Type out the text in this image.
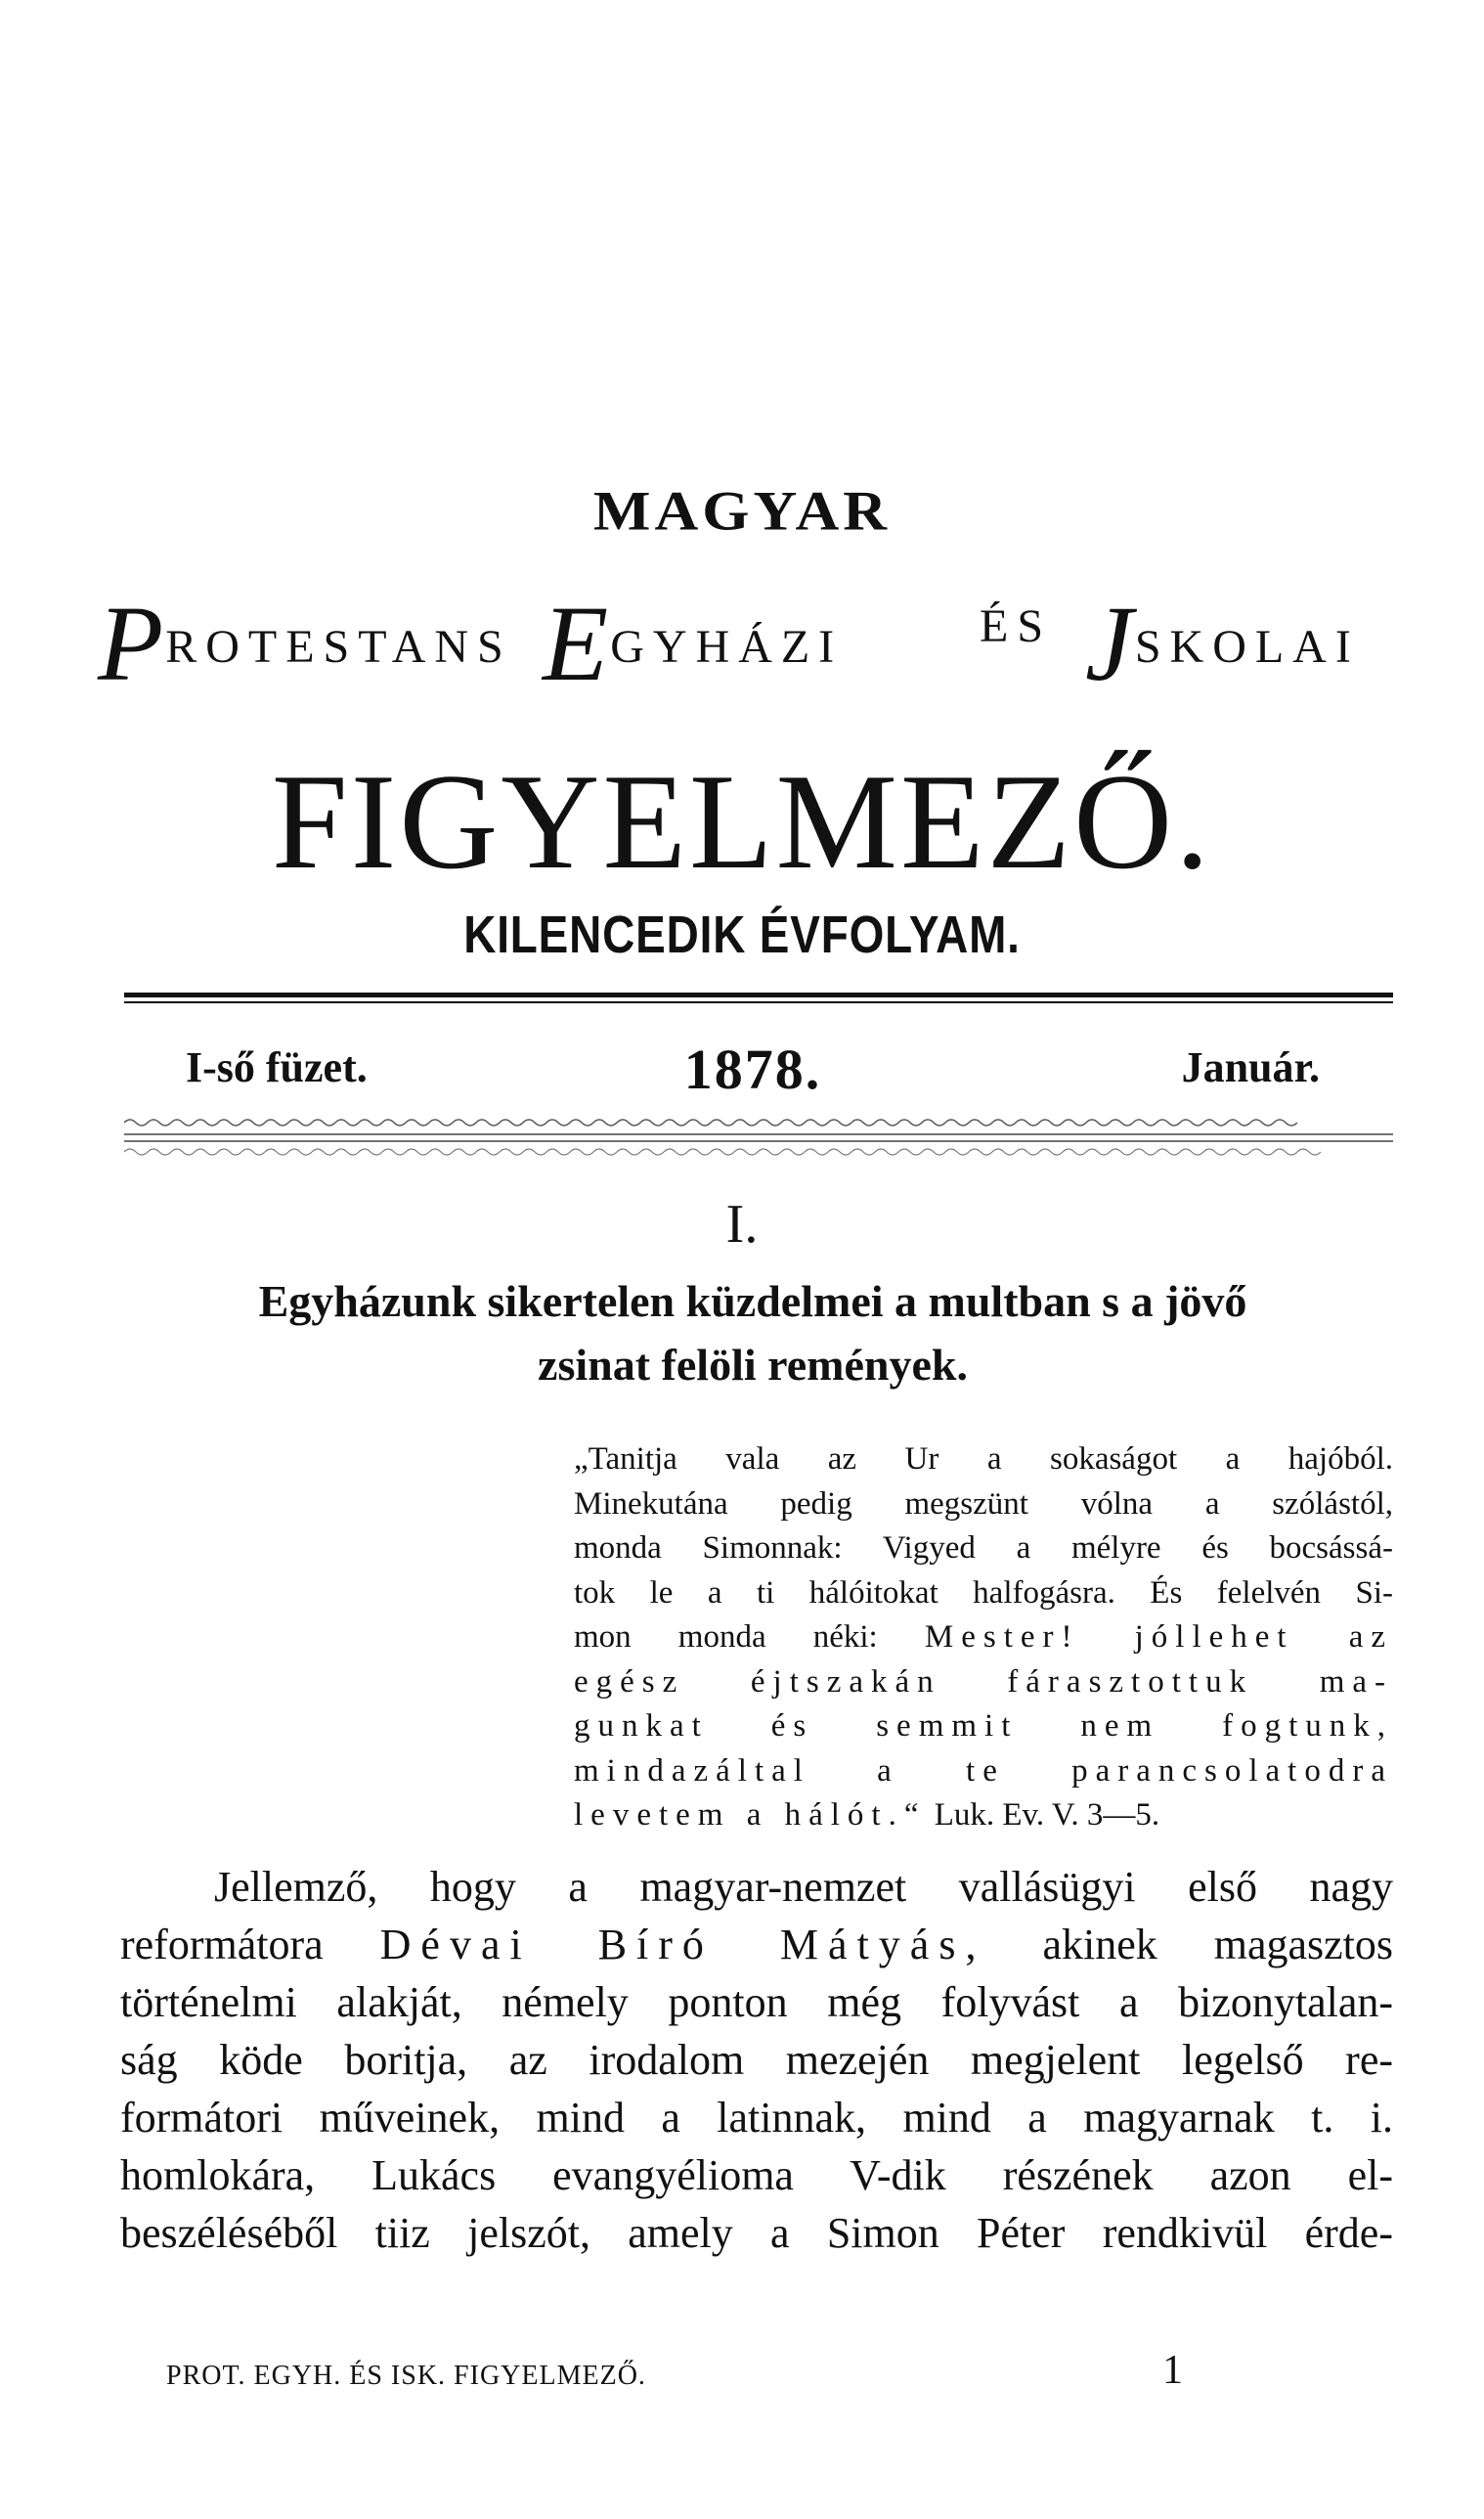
MAGYAR
PROTESTANS EGYHÁZI	ÉS JSKOLAI
FIGYELMEZŐ.
KILENCEDIK ÉVFOLYAM.
I-ső füzet.	1878.	Január.
I.
Egyházunk sikertelen küzdelmei a multban s a jövő
zsinat felöli remények.
„Tanitja vala az Ur a sokaságot a hajóból.
Minekutána pedig megszünt vólna a szólástól,
monda Simonnak: Vigyed a mélyre és bocsássá-
tok le a ti hálóitokat halfogásra. És felelvén Si-
mon monda néki: Mester! jóllehet az
egész éjtszakán fárasztottuk ma-
gunkat és semmit nem fogtunk,
mindazáltal a te parancsolatodra
levetem a hálót.“ Luk. Ev. V. 3—5.
Jellemző, hogy a magyar-nemzet vallásügyi első nagy
reformátora Dévai Bíró Mátyás, akinek magasztos
történelmi alakját, némely ponton még folyvást a bizonytalan-
ság köde boritja, az irodalom mezején megjelent legelső re-
formátori műveinek, mind a latinnak, mind a magyarnak t. i.
homlokára, Lukács evangyélioma V-dik részének azon el-
beszéléséből tiiz jelszót, amely a Simon Péter rendkivül érde-
PROT. EGYH. ÉS ISK. FIGYELMEZŐ.	1
